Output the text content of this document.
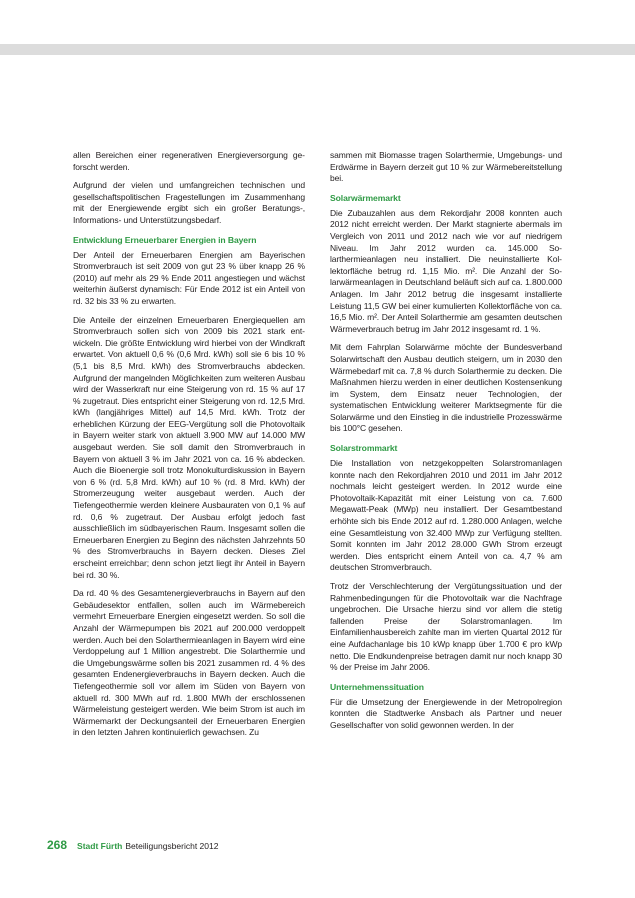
allen Bereichen einer regenerativen Energieversorgung geforscht werden.

Aufgrund der vielen und umfangreichen technischen und gesellschaftspolitischen Fragestellungen im Zusammenhang mit der Energiewende ergibt sich ein großer Beratungs-, Informations- und Unterstützungsbedarf.

Entwicklung Erneuerbarer Energien in Bayern

Der Anteil der Erneuerbaren Energien am Bayerischen Stromverbrauch ist seit 2009 von gut 23 % über knapp 26 % (2010) auf mehr als 29 % Ende 2011 angestiegen und wächst weiterhin äußerst dynamisch: Für Ende 2012 ist ein Anteil von rd. 32 bis 33 % zu erwarten.

Die Anteile der einzelnen Erneuerbaren Energiequellen am Stromverbrauch sollen sich von 2009 bis 2021 stark entwickeln. Die größte Entwicklung wird hierbei von der Windkraft erwartet. Von aktuell 0,6 % (0,6 Mrd. kWh) soll sie 6 bis 10 % (5,1 bis 8,5 Mrd. kWh) des Stromverbrauchs abdecken. Aufgrund der mangelnden Möglichkeiten zum weiteren Ausbau wird der Wasserkraft nur eine Steigerung von rd. 15 % auf 17 % zugetraut. Dies entspricht einer Steigerung von rd. 12,5 Mrd. kWh (langjähriges Mittel) auf 14,5 Mrd. kWh. Trotz der erheblichen Kürzung der EEG-Vergütung soll die Photovoltaik in Bayern weiter stark von aktuell 3.900 MW auf 14.000 MW ausgebaut werden. Sie soll damit den Stromverbrauch in Bayern von aktuell 3 % im Jahr 2021 von ca. 16 % abdecken. Auch die Bioenergie soll trotz Monokulturdiskussion in Bayern von 6 % (rd. 5,8 Mrd. kWh) auf 10 % (rd. 8 Mrd. kWh) der Stromerzeugung weiter ausgebaut werden. Auch der Tiefengeothermie werden kleinere Ausbauraten von 0,1 % auf rd. 0,6 % zugetraut. Der Ausbau erfolgt jedoch fast ausschließlich im südbayerischen Raum. Insgesamt sollen die Erneuerbaren Energien zu Beginn des nächsten Jahrzehnts 50 % des Stromverbrauchs in Bayern decken. Dieses Ziel erscheint erreichbar; denn schon jetzt liegt ihr Anteil in Bayern bei rd. 30 %.

Da rd. 40 % des Gesamtenergieverbrauchs in Bayern auf den Gebäudesektor entfallen, sollen auch im Wärmebereich vermehrt Erneuerbare Energien eingesetzt werden. So soll die Anzahl der Wärmepumpen bis 2021 auf 200.000 verdoppelt werden. Auch bei den Solarthermieanlagen in Bayern wird eine Verdoppelung auf 1 Million angestrebt. Die Solarthermie und die Umgebungswärme sollen bis 2021 zusammen rd. 4 % des gesamten Endenergieverbrauchs in Bayern decken. Auch die Tiefengeothermie soll vor allem im Süden von Bayern von aktuell rd. 300 MWh auf rd. 1.800 MWh der erschlossenen Wärmeleistung gesteigert werden. Wie beim Strom ist auch im Wärmemarkt der Deckungsanteil der Erneuerbaren Energien in den letzten Jahren kontinuierlich gewachsen. Zu

sammen mit Biomasse tragen Solarthermie, Umgebungs- und Erdwärme in Bayern derzeit gut 10 % zur Wärmebereitstellung bei.

Solarwärmemarkt

Die Zubauzahlen aus dem Rekordjahr 2008 konnten auch 2012 nicht erreicht werden. Der Markt stagnierte abermals im Vergleich von 2011 und 2012 nach wie vor auf niedrigem Niveau. Im Jahr 2012 wurden ca. 145.000 Solarthermieanlagen neu installiert. Die neuinstallierte Kollektorfläche betrug rd. 1,15 Mio. m². Die Anzahl der Solarwärmeanlagen in Deutschland beläuft sich auf ca. 1.800.000 Anlagen. Im Jahr 2012 betrug die insgesamt installierte Leistung 11,5 GW bei einer kumulierten Kollektorfläche von ca. 16,5 Mio. m². Der Anteil Solarthermie am gesamten deutschen Wärmeverbrauch betrug im Jahr 2012 insgesamt rd. 1 %.

Mit dem Fahrplan Solarwärme möchte der Bundesverband Solarwirtschaft den Ausbau deutlich steigern, um in 2030 den Wärmebedarf mit ca. 7,8 % durch Solarthermie zu decken. Die Maßnahmen hierzu werden in einer deutlichen Kostensenkung im System, dem Einsatz neuer Technologien, der systematischen Entwicklung weiterer Marktsegmente für die Solarwärme und den Einstieg in die industrielle Prozesswärme bis 100°C gesehen.

Solarstrommarkt

Die Installation von netzgekoppelten Solarstromanlagen konnte nach den Rekordjahren 2010 und 2011 im Jahr 2012 nochmals leicht gesteigert werden. In 2012 wurde eine Photovoltaik-Kapazität mit einer Leistung von ca. 7.600 Megawatt-Peak (MWp) neu installiert. Der Gesamtbestand erhöhte sich bis Ende 2012 auf rd. 1.280.000 Anlagen, welche eine Gesamtleistung von 32.400 MWp zur Verfügung stellten. Somit konnten im Jahr 2012 28.000 GWh Strom erzeugt werden. Dies entspricht einem Anteil von ca. 4,7 % am deutschen Stromverbrauch.

Trotz der Verschlechterung der Vergütungssituation und der Rahmenbedingungen für die Photovoltaik war die Nachfrage ungebrochen. Die Ursache hierzu sind vor allem die stetig fallenden Preise der Solarstromanlagen. Im Einfamilienhausbereich zahlte man im vierten Quartal 2012 für eine Aufdachanlage bis 10 kWp knapp über 1.700 € pro kWp netto. Die Endkundenpreise betragen damit nur noch knapp 30 % der Preise im Jahr 2006.

Unternehmenssituation

Für die Umsetzung der Energiewende in der Metropolregion konnten die Stadtwerke Ansbach als Partner und neuer Gesellschafter von solid gewonnen werden. In der

268 Stadt Fürth Beteiligungsbericht 2012
